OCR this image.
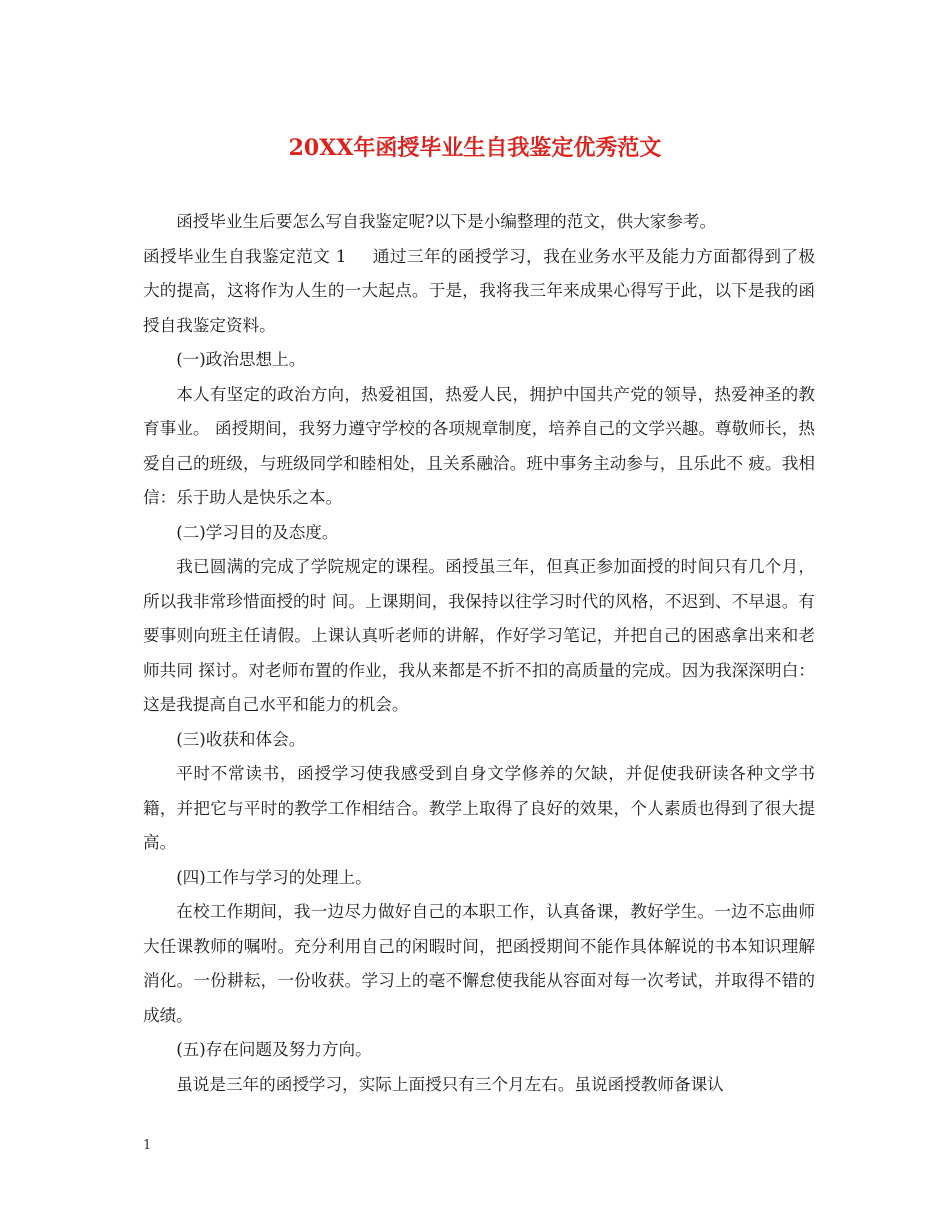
20XX年函授毕业生自我鉴定优秀范文

函授毕业生后要怎么写自我鉴定呢?以下是小编整理的范文，供大家参考。

函授毕业生自我鉴定范文 1 通过三年的函授学习，我在业务水平及能力方面都得到了极大的提高，这将作为人生的一大起点。于是，我将我三年来成果心得写于此，以下是我的函授自我鉴定资料。

(一)政治思想上。

本人有坚定的政治方向，热爱祖国，热爱人民，拥护中国共产党的领导，热爱神圣的教育事业。 函授期间，我努力遵守学校的各项规章制度，培养自己的文学兴趣。尊敬师长，热爱自己的班级，与班级同学和睦相处，且关系融洽。班中事务主动参与，且乐此不 疲。我相信：乐于助人是快乐之本。

(二)学习目的及态度。

我已圆满的完成了学院规定的课程。函授虽三年，但真正参加面授的时间只有几个月，所以我非常珍惜面授的时 间。上课期间，我保持以往学习时代的风格，不迟到、不早退。有要事则向班主任请假。上课认真听老师的讲解，作好学习笔记，并把自己的困惑拿出来和老师共同 探讨。对老师布置的作业，我从来都是不折不扣的高质量的完成。因为我深深明白：这是我提高自己水平和能力的机会。

(三)收获和体会。

平时不常读书，函授学习使我感受到自身文学修养的欠缺，并促使我研读各种文学书籍，并把它与平时的教学工作相结合。教学上取得了良好的效果，个人素质也得到了很大提高。

(四)工作与学习的处理上。

在校工作期间，我一边尽力做好自己的本职工作，认真备课，教好学生。一边不忘曲师大任课教师的嘱咐。充分利用自己的闲暇时间，把函授期间不能作具体解说的书本知识理解消化。一份耕耘，一份收获。学习上的毫不懈怠使我能从容面对每一次考试，并取得不错的成绩。

(五)存在问题及努力方向。

虽说是三年的函授学习，实际上面授只有三个月左右。虽说函授教师备课认

1
